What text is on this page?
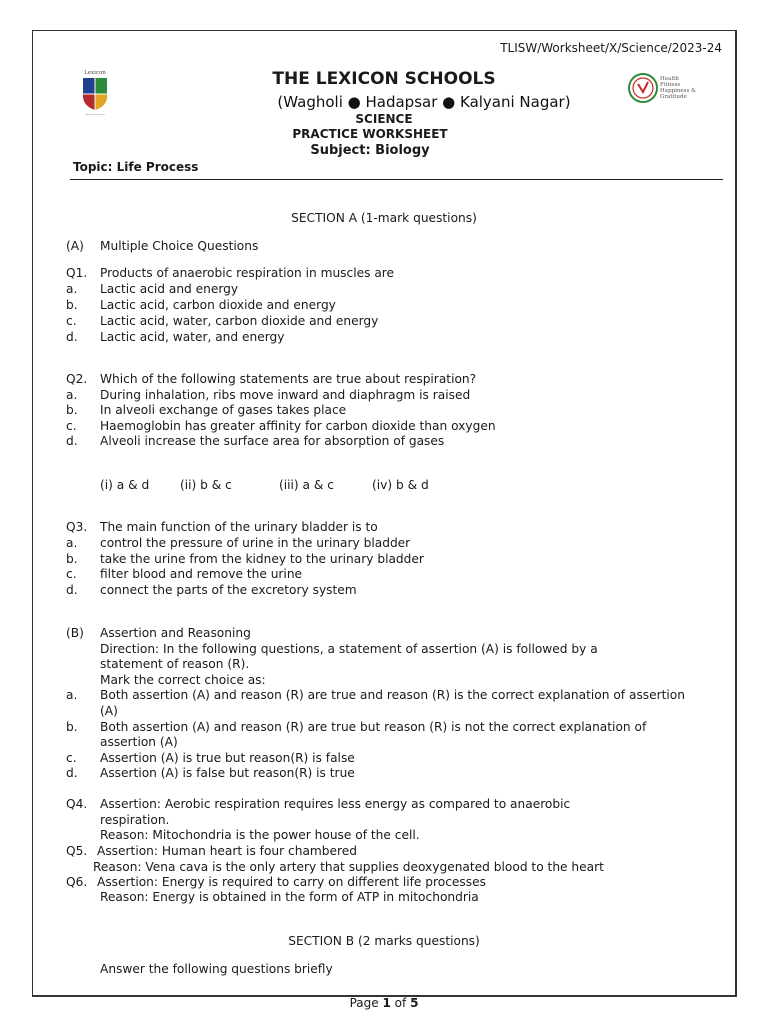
TLISW/Worksheet/X/Science/2023-24
Lexicon
~~~~~~
Health
Fitness
Happiness &
Gratitude
THE LEXICON SCHOOLS
(Wagholi ● Hadapsar ● Kalyani Nagar)
SCIENCE
PRACTICE WORKSHEET
Subject: Biology
Topic: Life Process
SECTION A (1-mark questions)
(A) Multiple Choice Questions
Q1. Products of anaerobic respiration in muscles are
a. Lactic acid and energy
b. Lactic acid, carbon dioxide and energy
c. Lactic acid, water, carbon dioxide and energy
d. Lactic acid, water, and energy
Q2. Which of the following statements are true about respiration?
a. During inhalation, ribs move inward and diaphragm is raised
b. In alveoli exchange of gases takes place
c. Haemoglobin has greater affinity for carbon dioxide than oxygen
d. Alveoli increase the surface area for absorption of gases
(i) a & d	(ii) b & c	(iii) a & c	(iv) b & d
Q3. The main function of the urinary bladder is to
a. control the pressure of urine in the urinary bladder
b. take the urine from the kidney to the urinary bladder
c. filter blood and remove the urine
d. connect the parts of the excretory system
(B) Assertion and Reasoning
Direction: In the following questions, a statement of assertion (A) is followed by a
statement of reason (R).
Mark the correct choice as:
a. Both assertion (A) and reason (R) are true and reason (R) is the correct explanation of assertion
(A)
b. Both assertion (A) and reason (R) are true but reason (R) is not the correct explanation of
assertion (A)
c. Assertion (A) is true but reason(R) is false
d. Assertion (A) is false but reason(R) is true
Q4. Assertion: Aerobic respiration requires less energy as compared to anaerobic
respiration.
Reason: Mitochondria is the power house of the cell.
Q5. Assertion: Human heart is four chambered
Reason: Vena cava is the only artery that supplies deoxygenated blood to the heart
Q6. Assertion: Energy is required to carry on different life processes
Reason: Energy is obtained in the form of ATP in mitochondria
SECTION B (2 marks questions)
Answer the following questions briefly
Page 1 of 5
